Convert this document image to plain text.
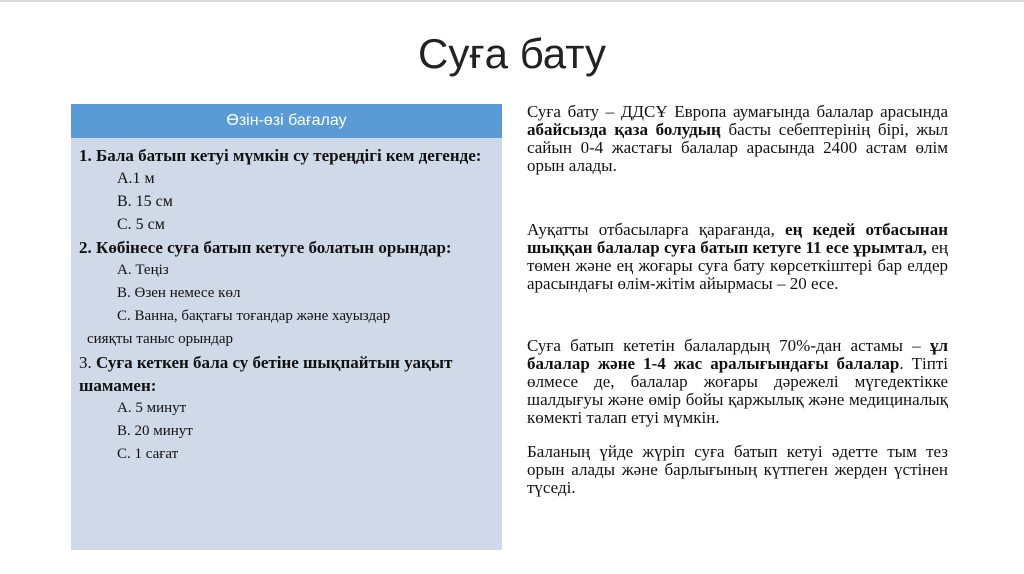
Суға бату
Өзін-өзі бағалау

1. Бала батып кетуі мүмкін су тереңдігі кем дегенде:

А.1 м

В. 15 см

С. 5 см

2. Көбінесе суға батып кетуге болатын орындар:

А. Теңіз

В. Өзен немесе көл

С. Ванна, бақтағы тоғандар және хауыздар

сияқты таныс орындар

3. Суға кеткен бала су бетіне шықпайтын уақыт шамамен:

А. 5 минут

В. 20 минут

С. 1 сағат

Суға бату – ДДСҰ Европа аумағында балалар арасында абайсызда қаза болудың басты себептерінің бірі, жыл сайын 0-4 жастағы балалар арасында 2400 астам өлім орын алады.

Ауқатты отбасыларға қарағанда, ең кедей отбасынан шыққан балалар суға батып кетуге 11 есе ұрымтал, ең төмен және ең жоғары суға бату көрсеткіштері бар елдер арасындағы өлім-жітім айырмасы – 20 есе.

Суға батып кететін балалардың 70%-дан астамы – ұл балалар және 1-4 жас аралығындағы балалар. Тіпті өлмесе де, балалар жоғары дәрежелі мүгедектікке шалдығуы және өмір бойы қаржылық және медициналық көмекті талап етуі мүмкін.

Баланың үйде жүріп суға батып кетуі әдетте тым тез орын алады және барлығының күтпеген жерден үстінен түседі.
